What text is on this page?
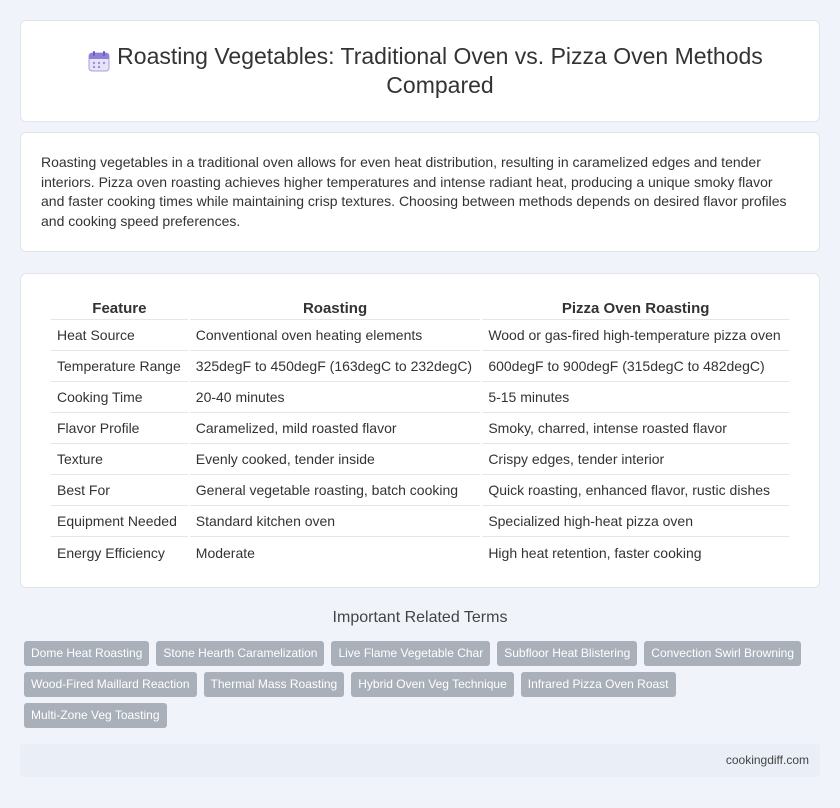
Roasting Vegetables: Traditional Oven vs. Pizza Oven Methods Compared

Roasting vegetables in a traditional oven allows for even heat distribution, resulting in caramelized edges and tender interiors. Pizza oven roasting achieves higher temperatures and intense radiant heat, producing a unique smoky flavor and faster cooking times while maintaining crisp textures. Choosing between methods depends on desired flavor profiles and cooking speed preferences.

Feature	Roasting	Pizza Oven Roasting
Heat Source	Conventional oven heating elements	Wood or gas-fired high-temperature pizza oven
Temperature Range	325degF to 450degF (163degC to 232degC)	600degF to 900degF (315degC to 482degC)
Cooking Time	20-40 minutes	5-15 minutes
Flavor Profile	Caramelized, mild roasted flavor	Smoky, charred, intense roasted flavor
Texture	Evenly cooked, tender inside	Crispy edges, tender interior
Best For	General vegetable roasting, batch cooking	Quick roasting, enhanced flavor, rustic dishes
Equipment Needed	Standard kitchen oven	Specialized high-heat pizza oven
Energy Efficiency	Moderate	High heat retention, faster cooking
Important Related Terms
Dome Heat Roasting	Stone Hearth Caramelization	Live Flame Vegetable Char	Subfloor Heat Blistering	Convection Swirl Browning
Wood-Fired Maillard Reaction	Thermal Mass Roasting	Hybrid Oven Veg Technique	Infrared Pizza Oven Roast
Multi-Zone Veg Toasting
cookingdiff.com
